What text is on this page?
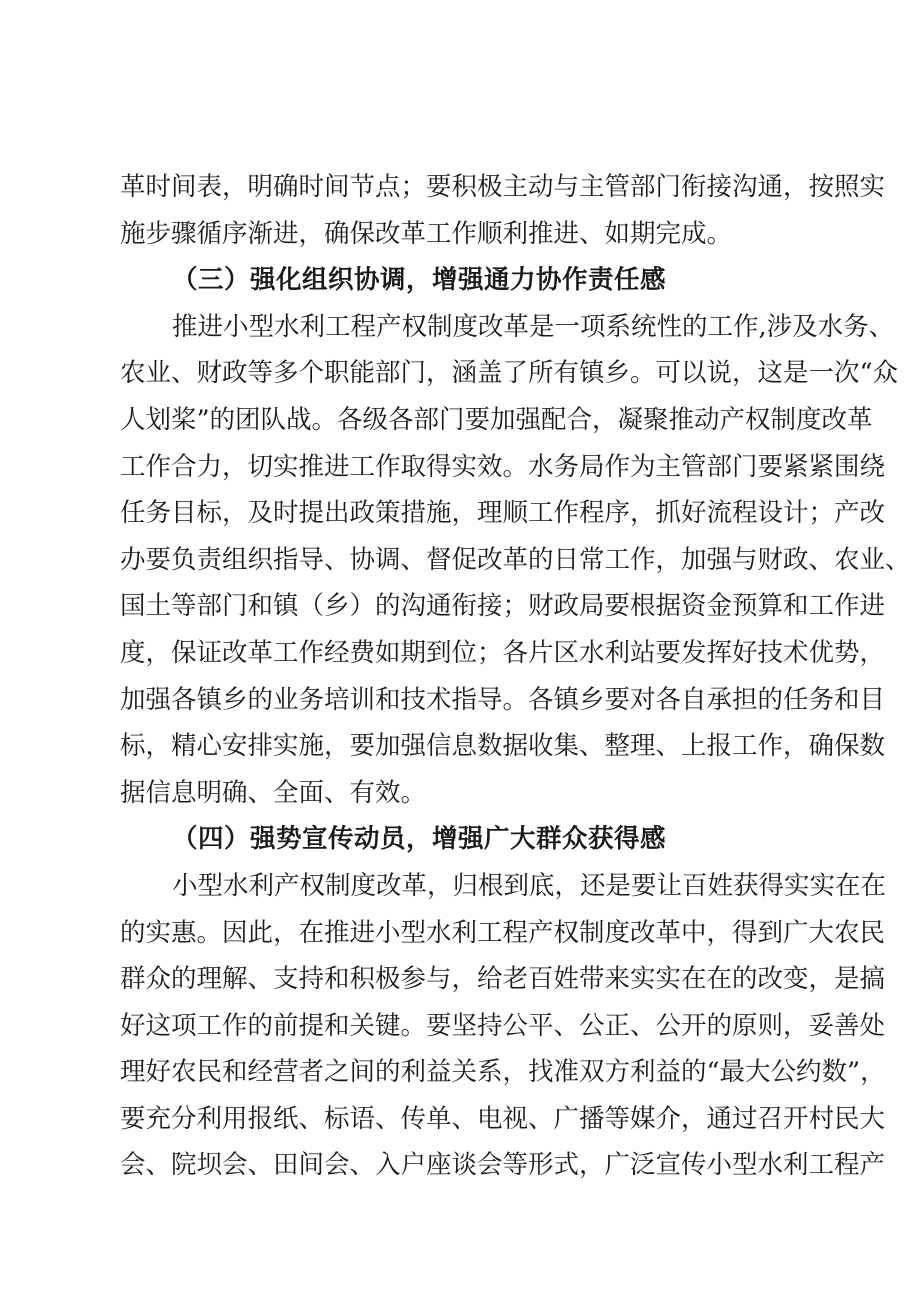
革时间表，明确时间节点；要积极主动与主管部门衔接沟通，按照实
施步骤循序渐进，确保改革工作顺利推进、如期完成。
（三）强化组织协调，增强通力协作责任感
推进小型水利工程产权制度改革是一项系统性的工作,涉及水务、
农业、财政等多个职能部门，涵盖了所有镇乡。可以说，这是一次“众
人划桨”的团队战。各级各部门要加强配合，凝聚推动产权制度改革
工作合力，切实推进工作取得实效。水务局作为主管部门要紧紧围绕
任务目标，及时提出政策措施，理顺工作程序，抓好流程设计；产改
办要负责组织指导、协调、督促改革的日常工作，加强与财政、农业、
国土等部门和镇（乡）的沟通衔接；财政局要根据资金预算和工作进
度，保证改革工作经费如期到位；各片区水利站要发挥好技术优势，
加强各镇乡的业务培训和技术指导。各镇乡要对各自承担的任务和目
标，精心安排实施，要加强信息数据收集、整理、上报工作，确保数
据信息明确、全面、有效。
（四）强势宣传动员，增强广大群众获得感
小型水利产权制度改革，归根到底，还是要让百姓获得实实在在
的实惠。因此，在推进小型水利工程产权制度改革中，得到广大农民
群众的理解、支持和积极参与，给老百姓带来实实在在的改变，是搞
好这项工作的前提和关键。要坚持公平、公正、公开的原则，妥善处
理好农民和经营者之间的利益关系，找准双方利益的“最大公约数”，
要充分利用报纸、标语、传单、电视、广播等媒介，通过召开村民大
会、院坝会、田间会、入户座谈会等形式，广泛宣传小型水利工程产
